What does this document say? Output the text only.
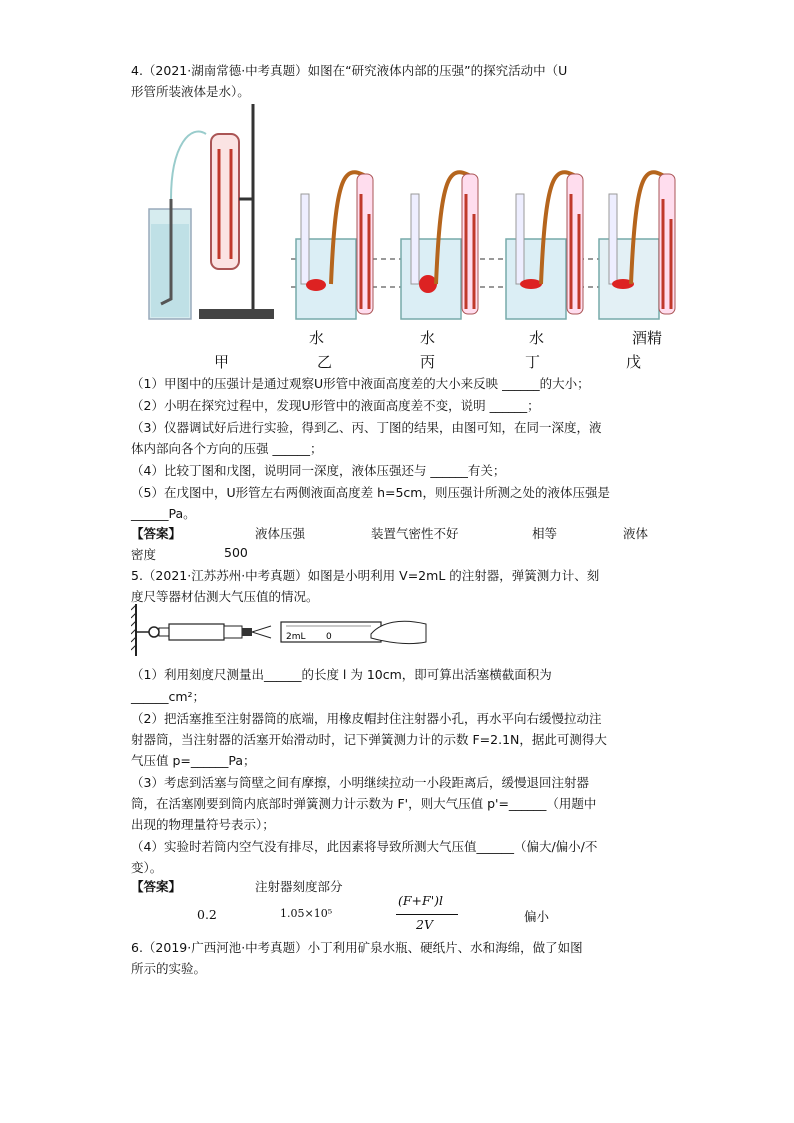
4.（2021·湖南常德·中考真题）如图在“研究液体内部的压强”的探究活动中（U
形管所装液体是水）。
水	水	水	酒精
甲	乙	丙	丁	戊
（1）甲图中的压强计是通过观察U形管中液面高度差的大小来反映 ______的大小；
（2）小明在探究过程中，发现U形管中的液面高度差不变，说明 ______；
（3）仪器调试好后进行实验，得到乙、丙、丁图的结果，由图可知，在同一深度，液
体内部向各个方向的压强 ______；
（4）比较丁图和戊图，说明同一深度，液体压强还与 ______有关；
（5）在戊图中，U形管左右两侧液面高度差 h=5cm，则压强计所测之处的液体压强是
______Pa。
【答案】	液体压强	装置气密性不好	相等	液体
密度	500
5.（2021·江苏苏州·中考真题）如图是小明利用 V=2mL 的注射器，弹簧测力计、刻
度尺等器材估测大气压值的情况。
2mL 0
（1）利用刻度尺测量出______的长度 l 为 10cm，即可算出活塞横截面积为
______cm²；
（2）把活塞推至注射器筒的底端，用橡皮帽封住注射器小孔，再水平向右缓慢拉动注
射器筒，当注射器的活塞开始滑动时，记下弹簧测力计的示数 F=2.1N，据此可测得大
气压值 p=______Pa；
（3）考虑到活塞与筒壁之间有摩擦，小明继续拉动一小段距离后，缓慢退回注射器
筒，在活塞刚要到筒内底部时弹簧测力计示数为 F'，则大气压值 p'=______（用题中
出现的物理量符号表示）；
（4）实验时若筒内空气没有排尽，此因素将导致所测大气压值______（偏大/偏小/不
变）。
【答案】	注射器刻度部分
0.2	1.05×10⁵
(F+F')l
2V
偏小
6.（2019·广西河池·中考真题）小丁利用矿泉水瓶、硬纸片、水和海绵，做了如图
所示的实验。
